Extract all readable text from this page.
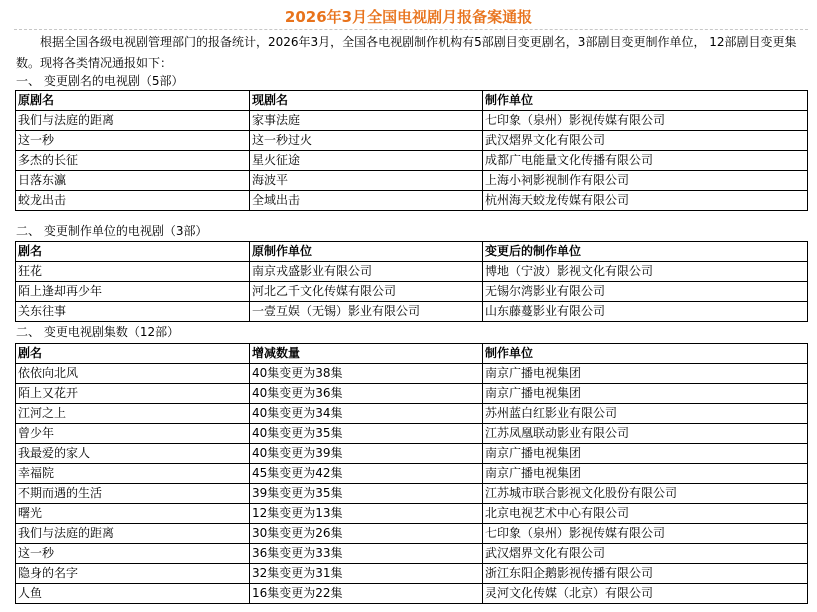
2026年3月全国电视剧月报备案通报
根据全国各级电视剧管理部门的报备统计，2026年3月，全国各电视剧制作机构有5部剧目变更剧名，3部剧目变更制作单位， 12部剧目变更集数。现将各类情况通报如下：
一、 变更剧名的电视剧（5部）
原剧名	现剧名	制作单位
我们与法庭的距离	家事法庭	七印象（泉州）影视传媒有限公司
这一秒	这一秒过火	武汉熠界文化有限公司
多杰的长征	星火征途	成都广电能量文化传播有限公司
日落东瀛	海波平	上海小祠影视制作有限公司
蛟龙出击	全域出击	杭州海天蛟龙传媒有限公司
二、 变更制作单位的电视剧（3部）
剧名	原制作单位	变更后的制作单位
狂花	南京戎盛影业有限公司	博地（宁波）影视文化有限公司
陌上逢却再少年	河北乙千文化传媒有限公司	无锡尔湾影业有限公司
关东往事	一壹互娱（无锡）影业有限公司	山东藤蔓影业有限公司
二、 变更电视剧集数（12部）
剧名	增减数量	制作单位
依依向北风	40集变更为38集	南京广播电视集团
陌上又花开	40集变更为36集	南京广播电视集团
江河之上	40集变更为34集	苏州蓝白红影业有限公司
曾少年	40集变更为35集	江苏凤凰联动影业有限公司
我最爱的家人	40集变更为39集	南京广播电视集团
幸福院	45集变更为42集	南京广播电视集团
不期而遇的生活	39集变更为35集	江苏城市联合影视文化股份有限公司
曙光	12集变更为13集	北京电视艺术中心有限公司
我们与法庭的距离	30集变更为26集	七印象（泉州）影视传媒有限公司
这一秒	36集变更为33集	武汉熠界文化有限公司
隐身的名字	32集变更为31集	浙江东阳企鹅影视传播有限公司
人鱼	16集变更为22集	灵河文化传媒（北京）有限公司
